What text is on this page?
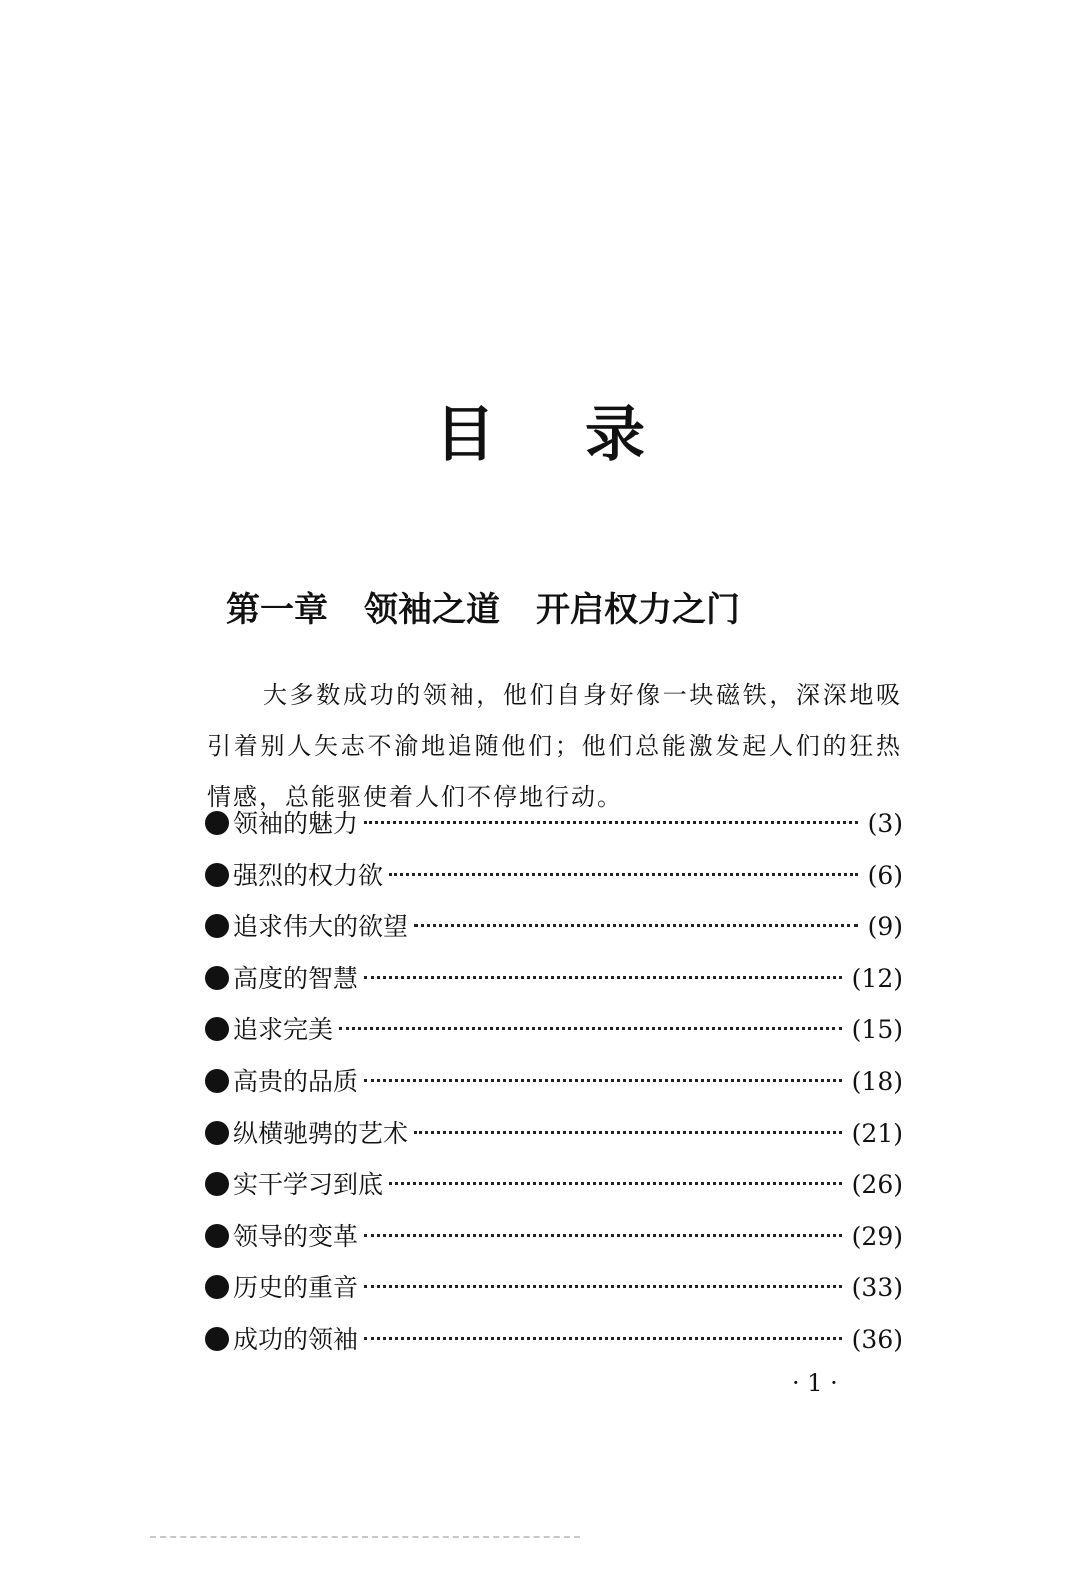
目 录
第一章 领袖之道 开启权力之门

大多数成功的领袖，他们自身好像一块磁铁，深深地吸引着别人矢志不渝地追随他们；他们总能激发起人们的狂热情感，总能驱使着人们不停地行动。

领袖的魅力	(3)
强烈的权力欲	(6)
追求伟大的欲望	(9)
高度的智慧	(12)
追求完美	(15)
高贵的品质	(18)
纵横驰骋的艺术	(21)
实干学习到底	(26)
领导的变革	(29)
历史的重音	(33)
成功的领袖	(36)
· 1 ·
